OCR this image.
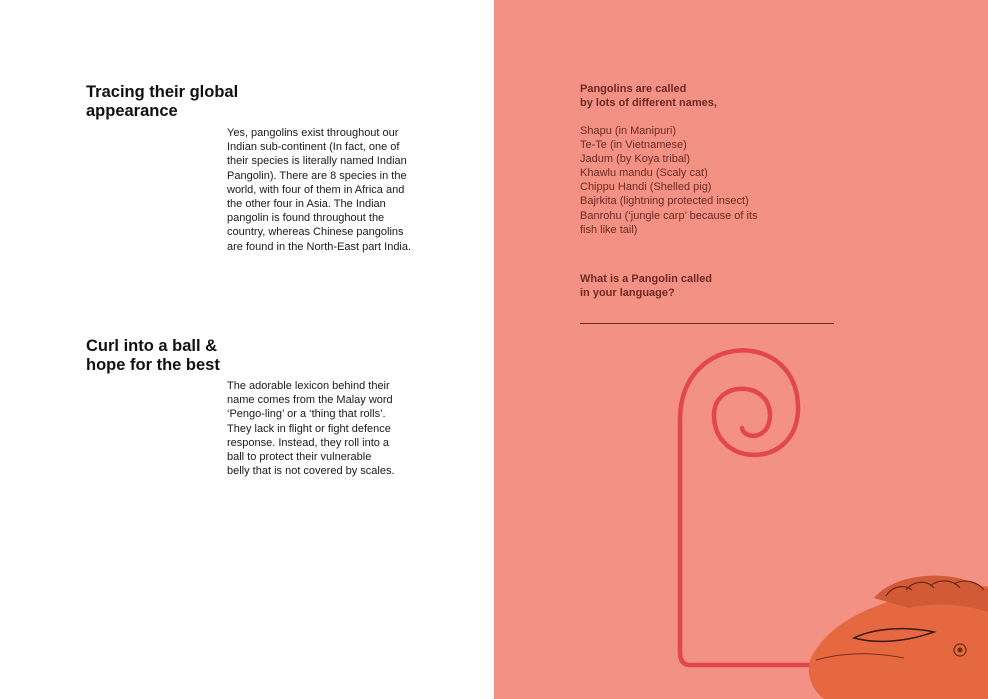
Tracing their global
appearance

Yes, pangolins exist throughout our
Indian sub-continent (In fact, one of
their species is literally named Indian
Pangolin). There are 8 species in the
world, with four of them in Africa and
the other four in Asia. The Indian
pangolin is found throughout the
country, whereas Chinese pangolins
are found in the North-East part India.

Curl into a ball &
hope for the best

The adorable lexicon behind their
name comes from the Malay word
‘Pengo-ling’ or a ‘thing that rolls’.
They lack in flight or fight defence
response. Instead, they roll into a
ball to protect their vulnerable
belly that is not covered by scales.

Pangolins are called
by lots of different names,
Shapu (in Manipuri)
Te-Te (in Vietnamese)
Jadum (by Koya tribal)
Khawlu mandu (Scaly cat)
Chippu Handi (Shelled pig)
Bajrkita (lightning protected insect)
Banrohu (‘jungle carp’ because of its
fish like tail)
What is a Pangolin called
in your language?
